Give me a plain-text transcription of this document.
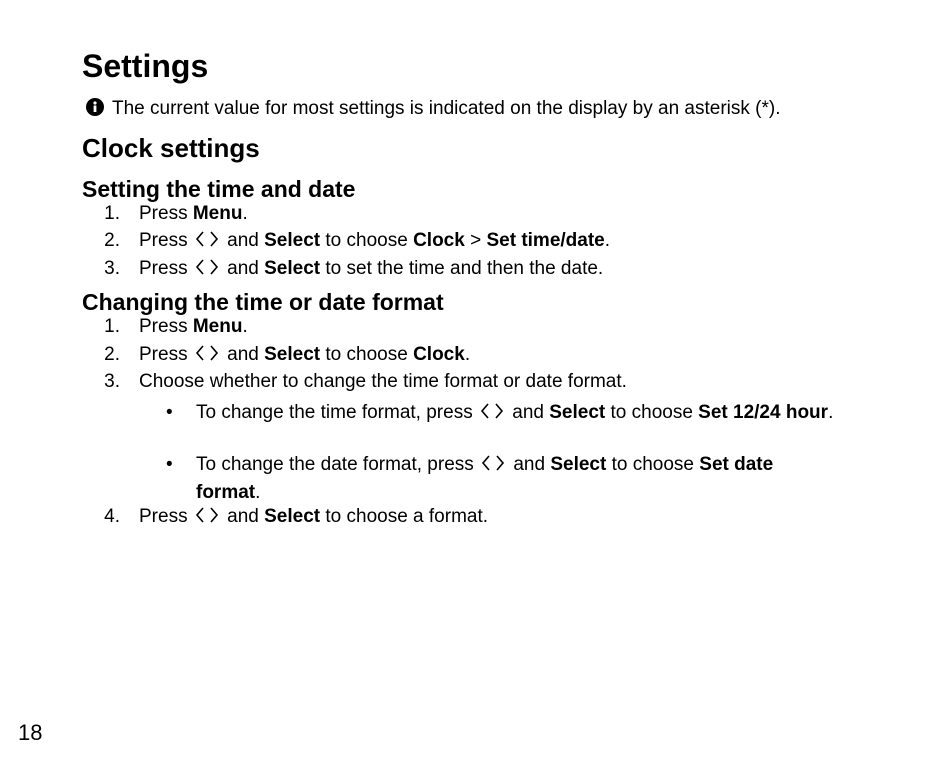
Settings

The current value for most settings is indicated on the display by an asterisk (*).

Clock settings
Setting the time and date
1. Press Menu.
2. Press  and Select to choose Clock > Set time/date.
3. Press  and Select to set the time and then the date.
Changing the time or date format
1. Press Menu.
2. Press  and Select to choose Clock.
3. Choose whether to change the time format or date format.
• To change the time format, press  and Select to choose Set 12/24 hour.
• To change the date format, press  and Select to choose Set date format.
4. Press  and Select to choose a format.
18
